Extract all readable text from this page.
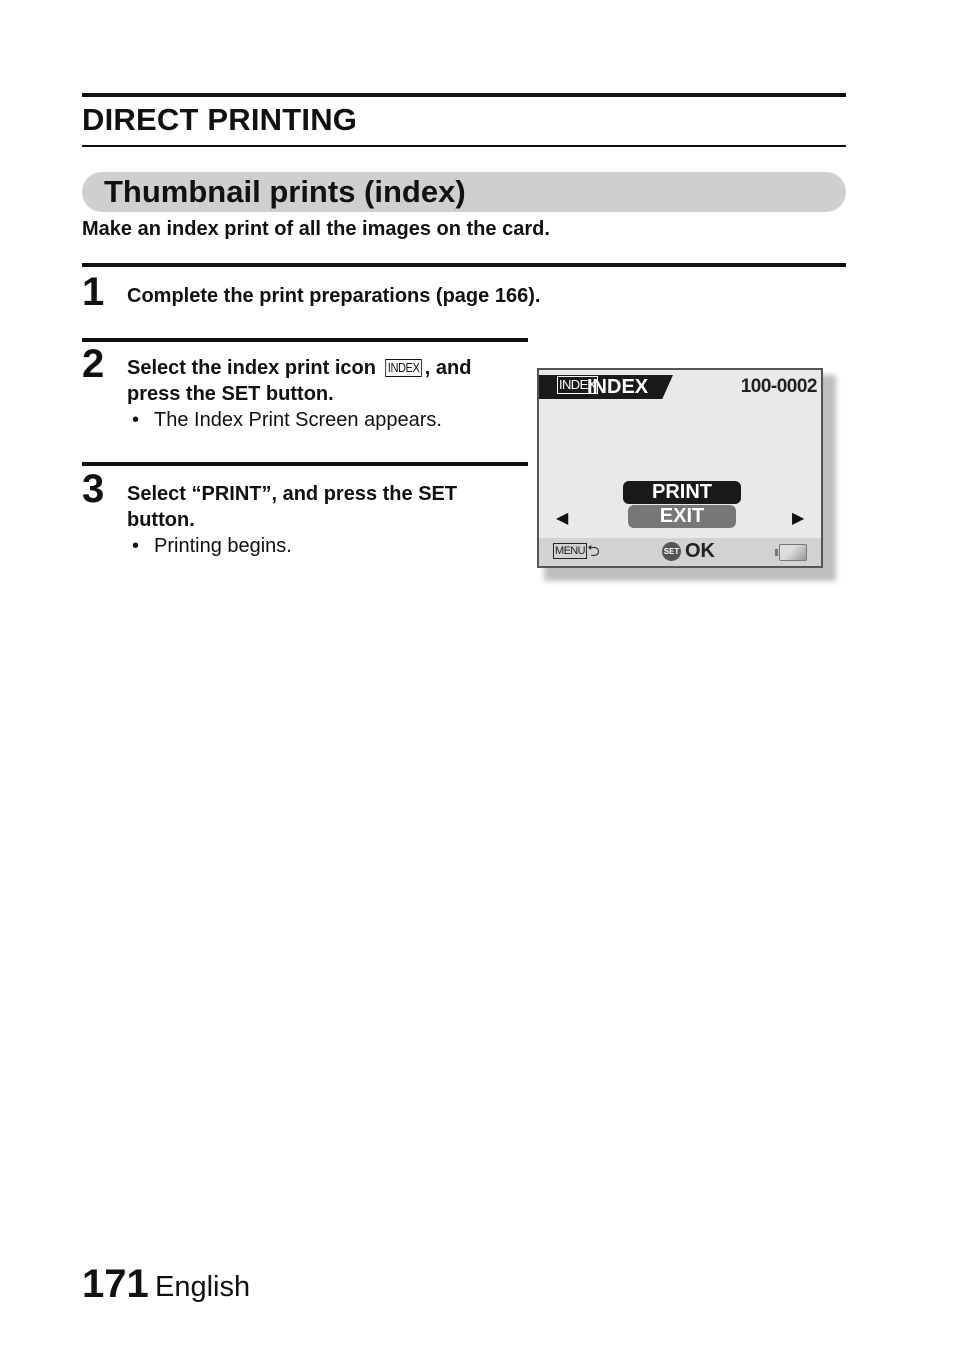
DIRECT PRINTING
Thumbnail prints (index)
Make an index print of all the images on the card.
1 Complete the print preparations (page 166).
2 Select the index print icon INDEX , and
press the SET button.
• The Index Print Screen appears.
3 Select “PRINT”, and press the SET
button.
• Printing begins.
INDEX
INDEX	100-0002
PRINT
EXIT
◀	▶
MENU ⮌	SET OK
171 English
